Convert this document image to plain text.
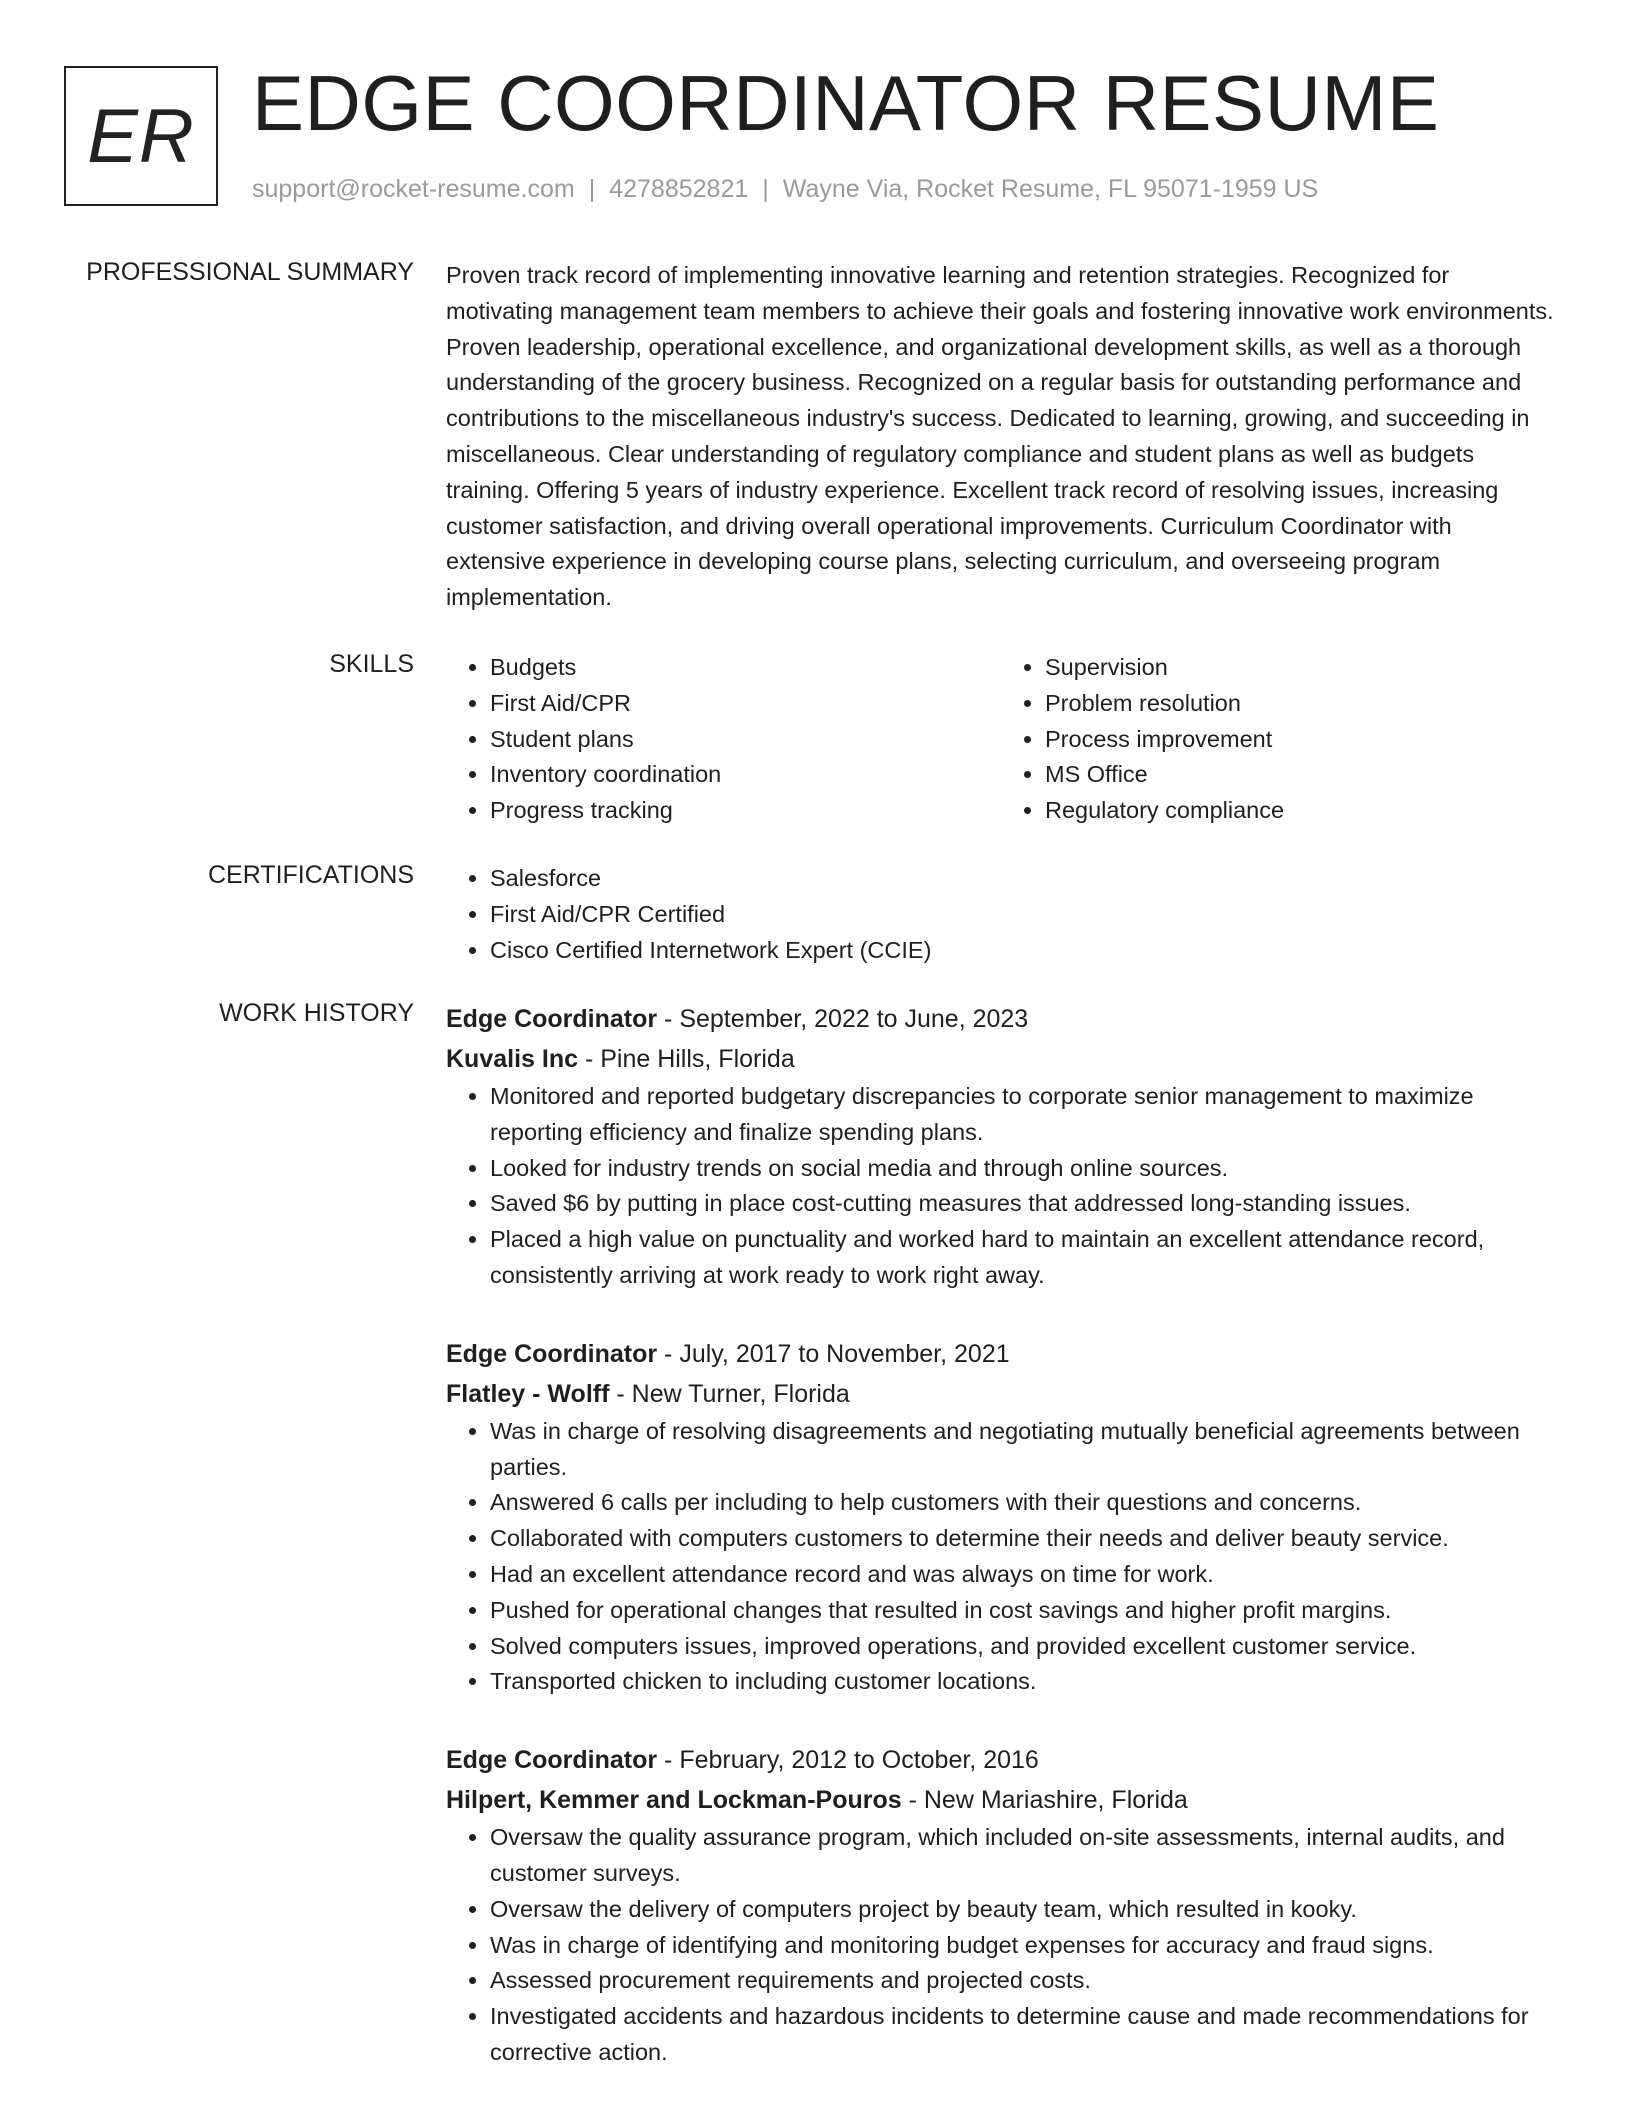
ER EDGE COORDINATOR RESUME
support@rocket-resume.com | 4278852821 | Wayne Via, Rocket Resume, FL 95071-1959 US
PROFESSIONAL SUMMARY Proven track record of implementing innovative learning and retention strategies. Recognized for motivating management team members to achieve their goals and fostering innovative work environments. Proven leadership, operational excellence, and organizational development skills, as well as a thorough understanding of the grocery business. Recognized on a regular basis for outstanding performance and contributions to the miscellaneous industry's success. Dedicated to learning, growing, and succeeding in miscellaneous. Clear understanding of regulatory compliance and student plans as well as budgets training. Offering 5 years of industry experience. Excellent track record of resolving issues, increasing customer satisfaction, and driving overall operational improvements. Curriculum Coordinator with extensive experience in developing course plans, selecting curriculum, and overseeing program implementation.

SKILLS	• Budgets
• First Aid/CPR
• Student plans
• Inventory coordination
• Progress tracking
• Supervision
• Problem resolution
• Process improvement
• MS Office
• Regulatory compliance
CERTIFICATIONS	• Salesforce
• First Aid/CPR Certified
• Cisco Certified Internetwork Expert (CCIE)
WORK HISTORY Edge Coordinator - September, 2022 to June, 2023
Kuvalis Inc - Pine Hills, Florida
• Monitored and reported budgetary discrepancies to corporate senior management to maximize reporting efficiency and finalize spending plans.
• Looked for industry trends on social media and through online sources.
• Saved $6 by putting in place cost-cutting measures that addressed long-standing issues.
• Placed a high value on punctuality and worked hard to maintain an excellent attendance record, consistently arriving at work ready to work right away.
Edge Coordinator - July, 2017 to November, 2021
Flatley - Wolff - New Turner, Florida
• Was in charge of resolving disagreements and negotiating mutually beneficial agreements between parties.
• Answered 6 calls per including to help customers with their questions and concerns.
• Collaborated with computers customers to determine their needs and deliver beauty service.
• Had an excellent attendance record and was always on time for work.
• Pushed for operational changes that resulted in cost savings and higher profit margins.
• Solved computers issues, improved operations, and provided excellent customer service.
• Transported chicken to including customer locations.
Edge Coordinator - February, 2012 to October, 2016
Hilpert, Kemmer and Lockman-Pouros - New Mariashire, Florida
• Oversaw the quality assurance program, which included on-site assessments, internal audits, and customer surveys.
• Oversaw the delivery of computers project by beauty team, which resulted in kooky.
• Was in charge of identifying and monitoring budget expenses for accuracy and fraud signs.
• Assessed procurement requirements and projected costs.
• Investigated accidents and hazardous incidents to determine cause and made recommendations for corrective action.
